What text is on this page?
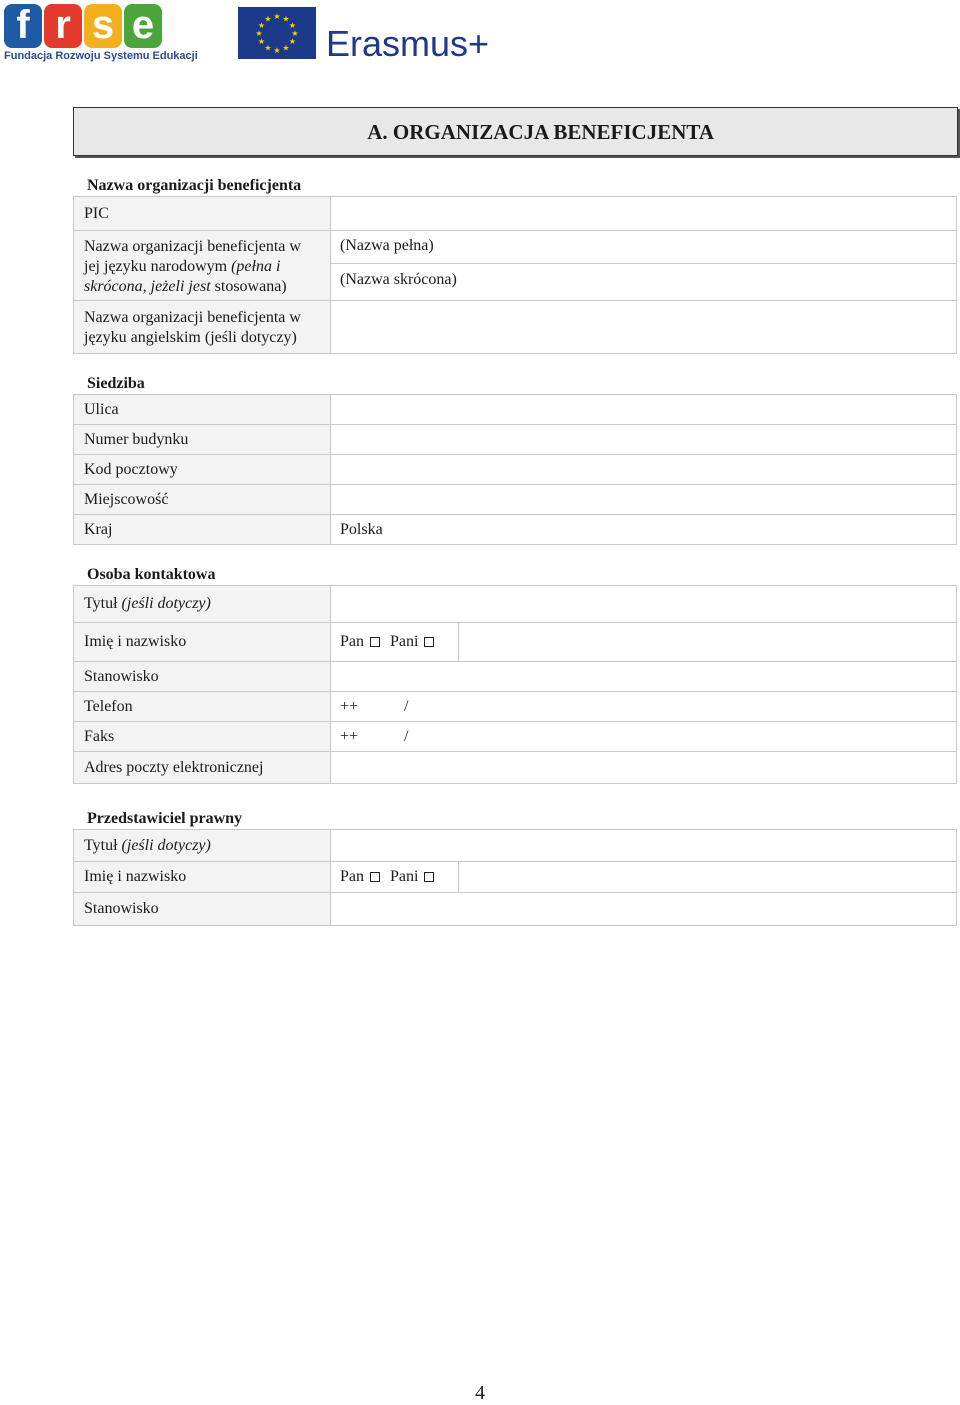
f r s e
Fundacja Rozwoju Systemu Edukacji
★ ★
★
★
★
★
★
★
★
★
★
★
Erasmus+
A. ORGANIZACJA BENEFICJENTA
Nazwa organizacji beneficjenta
PIC
Nazwa organizacji beneficjenta w jej języku narodowym (pełna i skrócona, jeżeli jest stosowana)
(Nazwa pełna)
(Nazwa skrócona)
Nazwa organizacji beneficjenta w języku angielskim (jeśli dotyczy)
Siedziba
Ulica
Numer budynku
Kod pocztowy
Miejscowość
Kraj	Polska
Osoba kontaktowa
Tytuł (jeśli dotyczy)
Imię i nazwisko	Pan Pani
Stanowisko
Telefon	++	/
Faks	++	/
Adres poczty elektronicznej
Przedstawiciel prawny
Tytuł (jeśli dotyczy)
Imię i nazwisko	Pan Pani
Stanowisko
4
